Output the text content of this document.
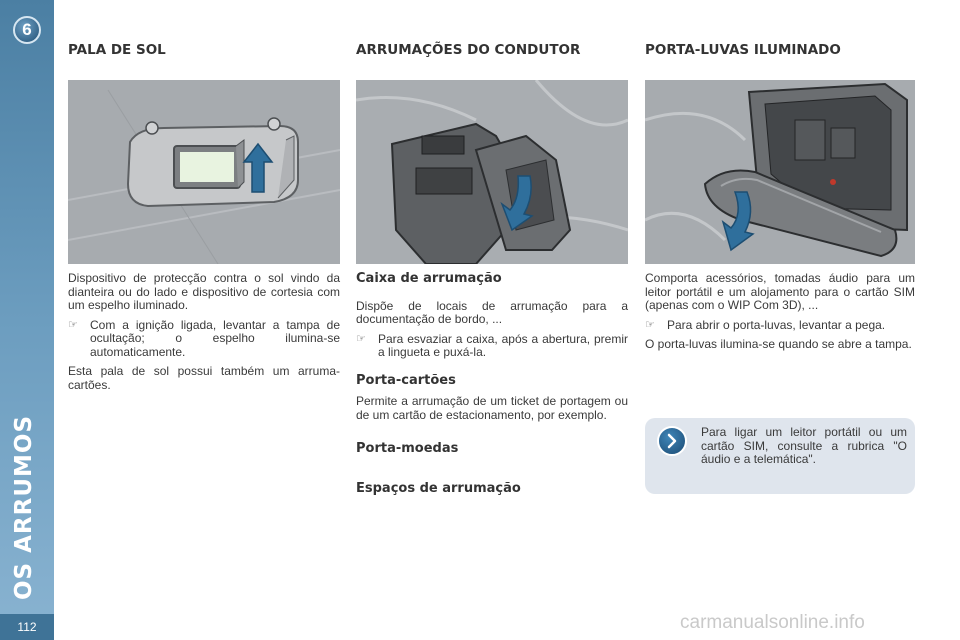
6
OS ARRUMOS
112
PALA DE SOL

Dispositivo de protecção contra o sol vindo da dianteira ou do lado e dispositivo de cortesia com um espelho iluminado.

☞	Com a ignição ligada, levantar a tampa de ocultação; o espelho ilumina-se automaticamente.

Esta pala de sol possui também um arruma-cartões.

ARRUMAÇÕES DO CONDUTOR
Caixa de arrumação

Dispõe de locais de arrumação para a documentação de bordo, ...

☞	Para esvaziar a caixa, após a abertura, premir a lingueta e puxá-la.
Porta-cartões

Permite a arrumação de um ticket de portagem ou de um cartão de estacionamento, por exemplo.

Porta-moedas
Espaços de arrumação
PORTA-LUVAS ILUMINADO

Comporta acessórios, tomadas áudio para um leitor portátil e um alojamento para o cartão SIM (apenas com o WIP Com 3D), ...

☞	Para abrir o porta-luvas, levantar a pega.

O porta-luvas ilumina-se quando se abre a tampa.

Para ligar um leitor portátil ou um cartão SIM, consulte a rubrica "O áudio e a telemática".
carmanualsonline.info
